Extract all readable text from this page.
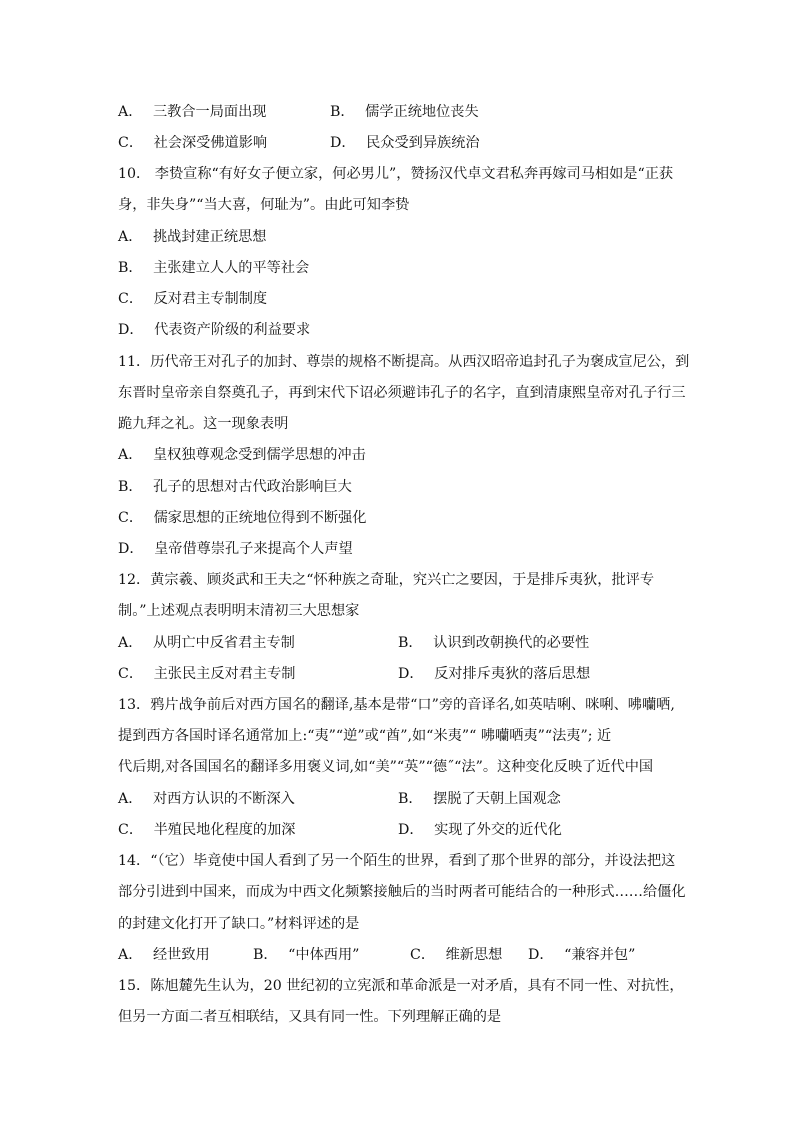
A． 三教合一局面出现	B． 儒学正统地位丧失
C． 社会深受佛道影响	D． 民众受到异族统治
10． 李贽宣称“有好女子便立家，何必男儿”，赞扬汉代卓文君私奔再嫁司马相如是“正获
身，非失身”“当大喜，何耻为”。由此可知李贽
A． 挑战封建正统思想
B． 主张建立人人的平等社会
C． 反对君主专制制度
D． 代表资产阶级的利益要求
11．历代帝王对孔子的加封、尊崇的规格不断提高。从西汉昭帝追封孔子为褒成宣尼公，到
东晋时皇帝亲自祭奠孔子，再到宋代下诏必须避讳孔子的名字，直到清康熙皇帝对孔子行三
跪九拜之礼。这一现象表明
A． 皇权独尊观念受到儒学思想的冲击
B． 孔子的思想对古代政治影响巨大
C． 儒家思想的正统地位得到不断强化
D． 皇帝借尊崇孔子来提高个人声望
12．黄宗羲、顾炎武和王夫之“怀种族之奇耻，究兴亡之要因，于是排斥夷狄，批评专
制。”上述观点表明明末清初三大思想家
A． 从明亡中反省君主专制	B． 认识到改朝换代的必要性
C． 主张民主反对君主专制	D． 反对排斥夷狄的落后思想
13．鸦片战争前后对西方国名的翻译,基本是带“口”旁的音译名,如英咭唎、咪唎、咈囒哂,
提到西方各国时译名通常加上:“夷”“逆”或“酋”,如“米夷”“ 咈囒哂夷”“法夷”; 近
代后期,对各国国名的翻译多用褒义词,如“美”“英”“德˝“法”。这种变化反映了近代中国
A． 对西方认识的不断深入	B． 摆脱了天朝上国观念
C． 半殖民地化程度的加深	D． 实现了外交的近代化
14．“（它）毕竟使中国人看到了另一个陌生的世界，看到了那个世界的部分，并设法把这
部分引进到中国来，而成为中西文化频繁接触后的当时两者可能结合的一种形式……给僵化
的封建文化打开了缺口。”材料评述的是
A． 经世致用	B． “中体西用”	C． 维新思想 D． “兼容并包”
15．陈旭麓先生认为，20 世纪初的立宪派和革命派是一对矛盾，具有不同一性、对抗性，
但另一方面二者互相联结，又具有同一性。下列理解正确的是
